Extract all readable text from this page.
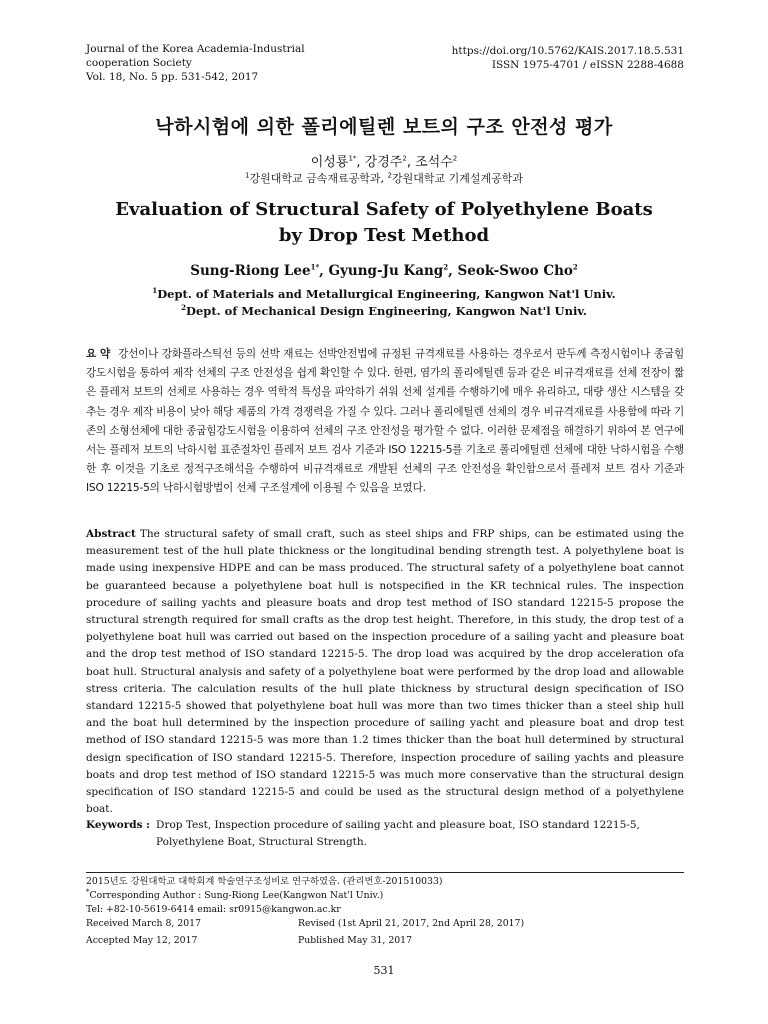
Journal of the Korea Academia-Industrial
cooperation Society
Vol. 18, No. 5 pp. 531-542, 2017
https://doi.org/10.5762/KAIS.2017.18.5.531
ISSN 1975-4701 / eISSN 2288-4688
낙하시험에 의한 폴리에틸렌 보트의 구조 안전성 평가
이성룡$^{1*}$, 강경주$^2$, 조석수$^2$
$^1$강원대학교 금속재료공학과, $^2$강원대학교 기계설계공학과
Evaluation of Structural Safety of Polyethylene Boats
by Drop Test Method
Sung-Riong Lee$^{1*}$, Gyung-Ju Kang$^2$, Seok-Swoo Cho$^2$
$^1$Dept. of Materials and Metallurgical Engineering, Kangwon Nat'l Univ.
$^2$Dept. of Mechanical Design Engineering, Kangwon Nat'l Univ.
요 약 강선이나 강화플라스틱선 등의 선박 재료는 선박안전법에 규정된 규격재료를 사용하는 경우로서 판두께 측정시험이나 종굽힘강도시험을 통하여 제작 선체의 구조 안전성을 쉽게 확인할 수 있다. 한편, 염가의 폴리에틸렌 등과 같은 비규격재료를 선체 전장이 짧은 플레저 보트의 선체로 사용하는 경우 역학적 특성을 파악하기 쉬워 선체 설계를 수행하기에 매우 유리하고, 대량 생산 시스템을 갖추는 경우 제작 비용이 낮아 해당 제품의 가격 경쟁력을 가질 수 있다. 그러나 폴리에틸렌 선체의 경우 비규격재료를 사용함에 따라 기존의 소형선체에 대한 종굽힘강도시험을 이용하여 선체의 구조 안전성을 평가할 수 없다. 이러한 문제점을 해결하기 위하여 본 연구에서는 플레저 보트의 낙하시험 표준절차인 플레저 보트 검사 기준과 ISO 12215-5를 기초로 폴리에틸렌 선체에 대한 낙하시험을 수행한 후 이것을 기초로 정적구조해석을 수행하여 비규격재료로 개발된 선체의 구조 안전성을 확인함으로서 플레저 보트 검사 기준과 ISO 12215-5의 낙하시험방법이 선체 구조설계에 이용될 수 있음을 보였다.
Abstract The structural safety of small craft, such as steel ships and FRP ships, can be estimated using the measurement test of the hull plate thickness or the longitudinal bending strength test. A polyethylene boat is made using inexpensive HDPE and can be mass produced. The structural safety of a polyethylene boat cannot be guaranteed because a polyethylene boat hull is notspecified in the KR technical rules. The inspection procedure of sailing yachts and pleasure boats and drop test method of ISO standard 12215-5 propose the structural strength required for small crafts as the drop test height. Therefore, in this study, the drop test of a polyethylene boat hull was carried out based on the inspection procedure of a sailing yacht and pleasure boat and the drop test method of ISO standard 12215-5. The drop load was acquired by the drop acceleration ofa boat hull. Structural analysis and safety of a polyethylene boat were performed by the drop load and allowable stress criteria. The calculation results of the hull plate thickness by structural design specification of ISO standard 12215-5 showed that polyethylene boat hull was more than two times thicker than a steel ship hull and the boat hull determined by the inspection procedure of sailing yacht and pleasure boat and drop test method of ISO standard 12215-5 was more than 1.2 times thicker than the boat hull determined by structural design specification of ISO standard 12215-5. Therefore, inspection procedure of sailing yachts and pleasure boats and drop test method of ISO standard 12215-5 was much more conservative than the structural design specification of ISO standard 12215-5 and could be used as the structural design method of a polyethylene boat.
Keywords : Drop Test, Inspection procedure of sailing yacht and pleasure boat, ISO standard 12215-5, Polyethylene Boat, Structural Strength.
2015년도 강원대학교 대학회계 학술연구조성비로 연구하였음. (관리번호-201510033)
*Corresponding Author : Sung-Riong Lee(Kangwon Nat'l Univ.)
Tel: +82-10-5619-6414 email: sr0915@kangwon.ac.kr
Received March 8, 2017	Revised (1st April 21, 2017, 2nd April 28, 2017)
Accepted May 12, 2017	Published May 31, 2017
531
